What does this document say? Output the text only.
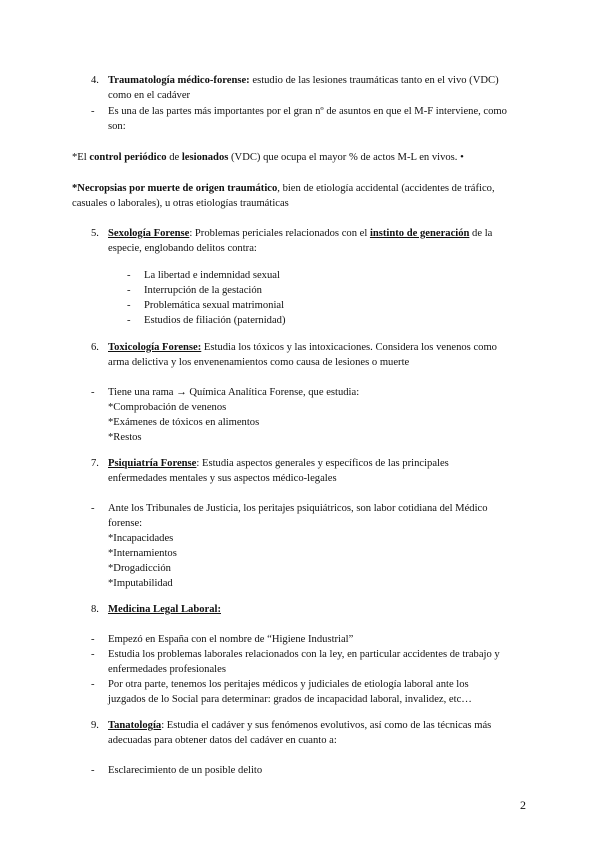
4. Traumatología médico-forense: estudio de las lesiones traumáticas tanto en el vivo (VDC)
como en el cadáver
- Es una de las partes más importantes por el gran nº de asuntos en que el M-F interviene, como
son:
*El control periódico de lesionados (VDC) que ocupa el mayor % de actos M-L en vivos. •
*Necropsias por muerte de origen traumático, bien de etiología accidental (accidentes de tráfico,
casuales o laborales), u otras etiologías traumáticas
5. Sexología Forense: Problemas periciales relacionados con el instinto de generación de la
especie, englobando delitos contra:
- La libertad e indemnidad sexual
- Interrupción de la gestación
- Problemática sexual matrimonial
- Estudios de filiación (paternidad)
6. Toxicología Forense: Estudia los tóxicos y las intoxicaciones. Considera los venenos como
arma delictiva y los envenenamientos como causa de lesiones o muerte
- Tiene una rama → Química Analítica Forense, que estudia:
*Comprobación de venenos
*Exámenes de tóxicos en alimentos
*Restos
7. Psiquiatría Forense: Estudia aspectos generales y específicos de las principales
enfermedades mentales y sus aspectos médico-legales
- Ante los Tribunales de Justicia, los peritajes psiquiátricos, son labor cotidiana del Médico
forense:
*Incapacidades
*Internamientos
*Drogadicción
*Imputabilidad
8. Medicina Legal Laboral:
- Empezó en España con el nombre de “Higiene Industrial”
- Estudia los problemas laborales relacionados con la ley, en particular accidentes de trabajo y
enfermedades profesionales
- Por otra parte, tenemos los peritajes médicos y judiciales de etiología laboral ante los
juzgados de lo Social para determinar: grados de incapacidad laboral, invalidez, etc…
9. Tanatología: Estudia el cadáver y sus fenómenos evolutivos, así como de las técnicas más
adecuadas para obtener datos del cadáver en cuanto a:
- Esclarecimiento de un posible delito
2
